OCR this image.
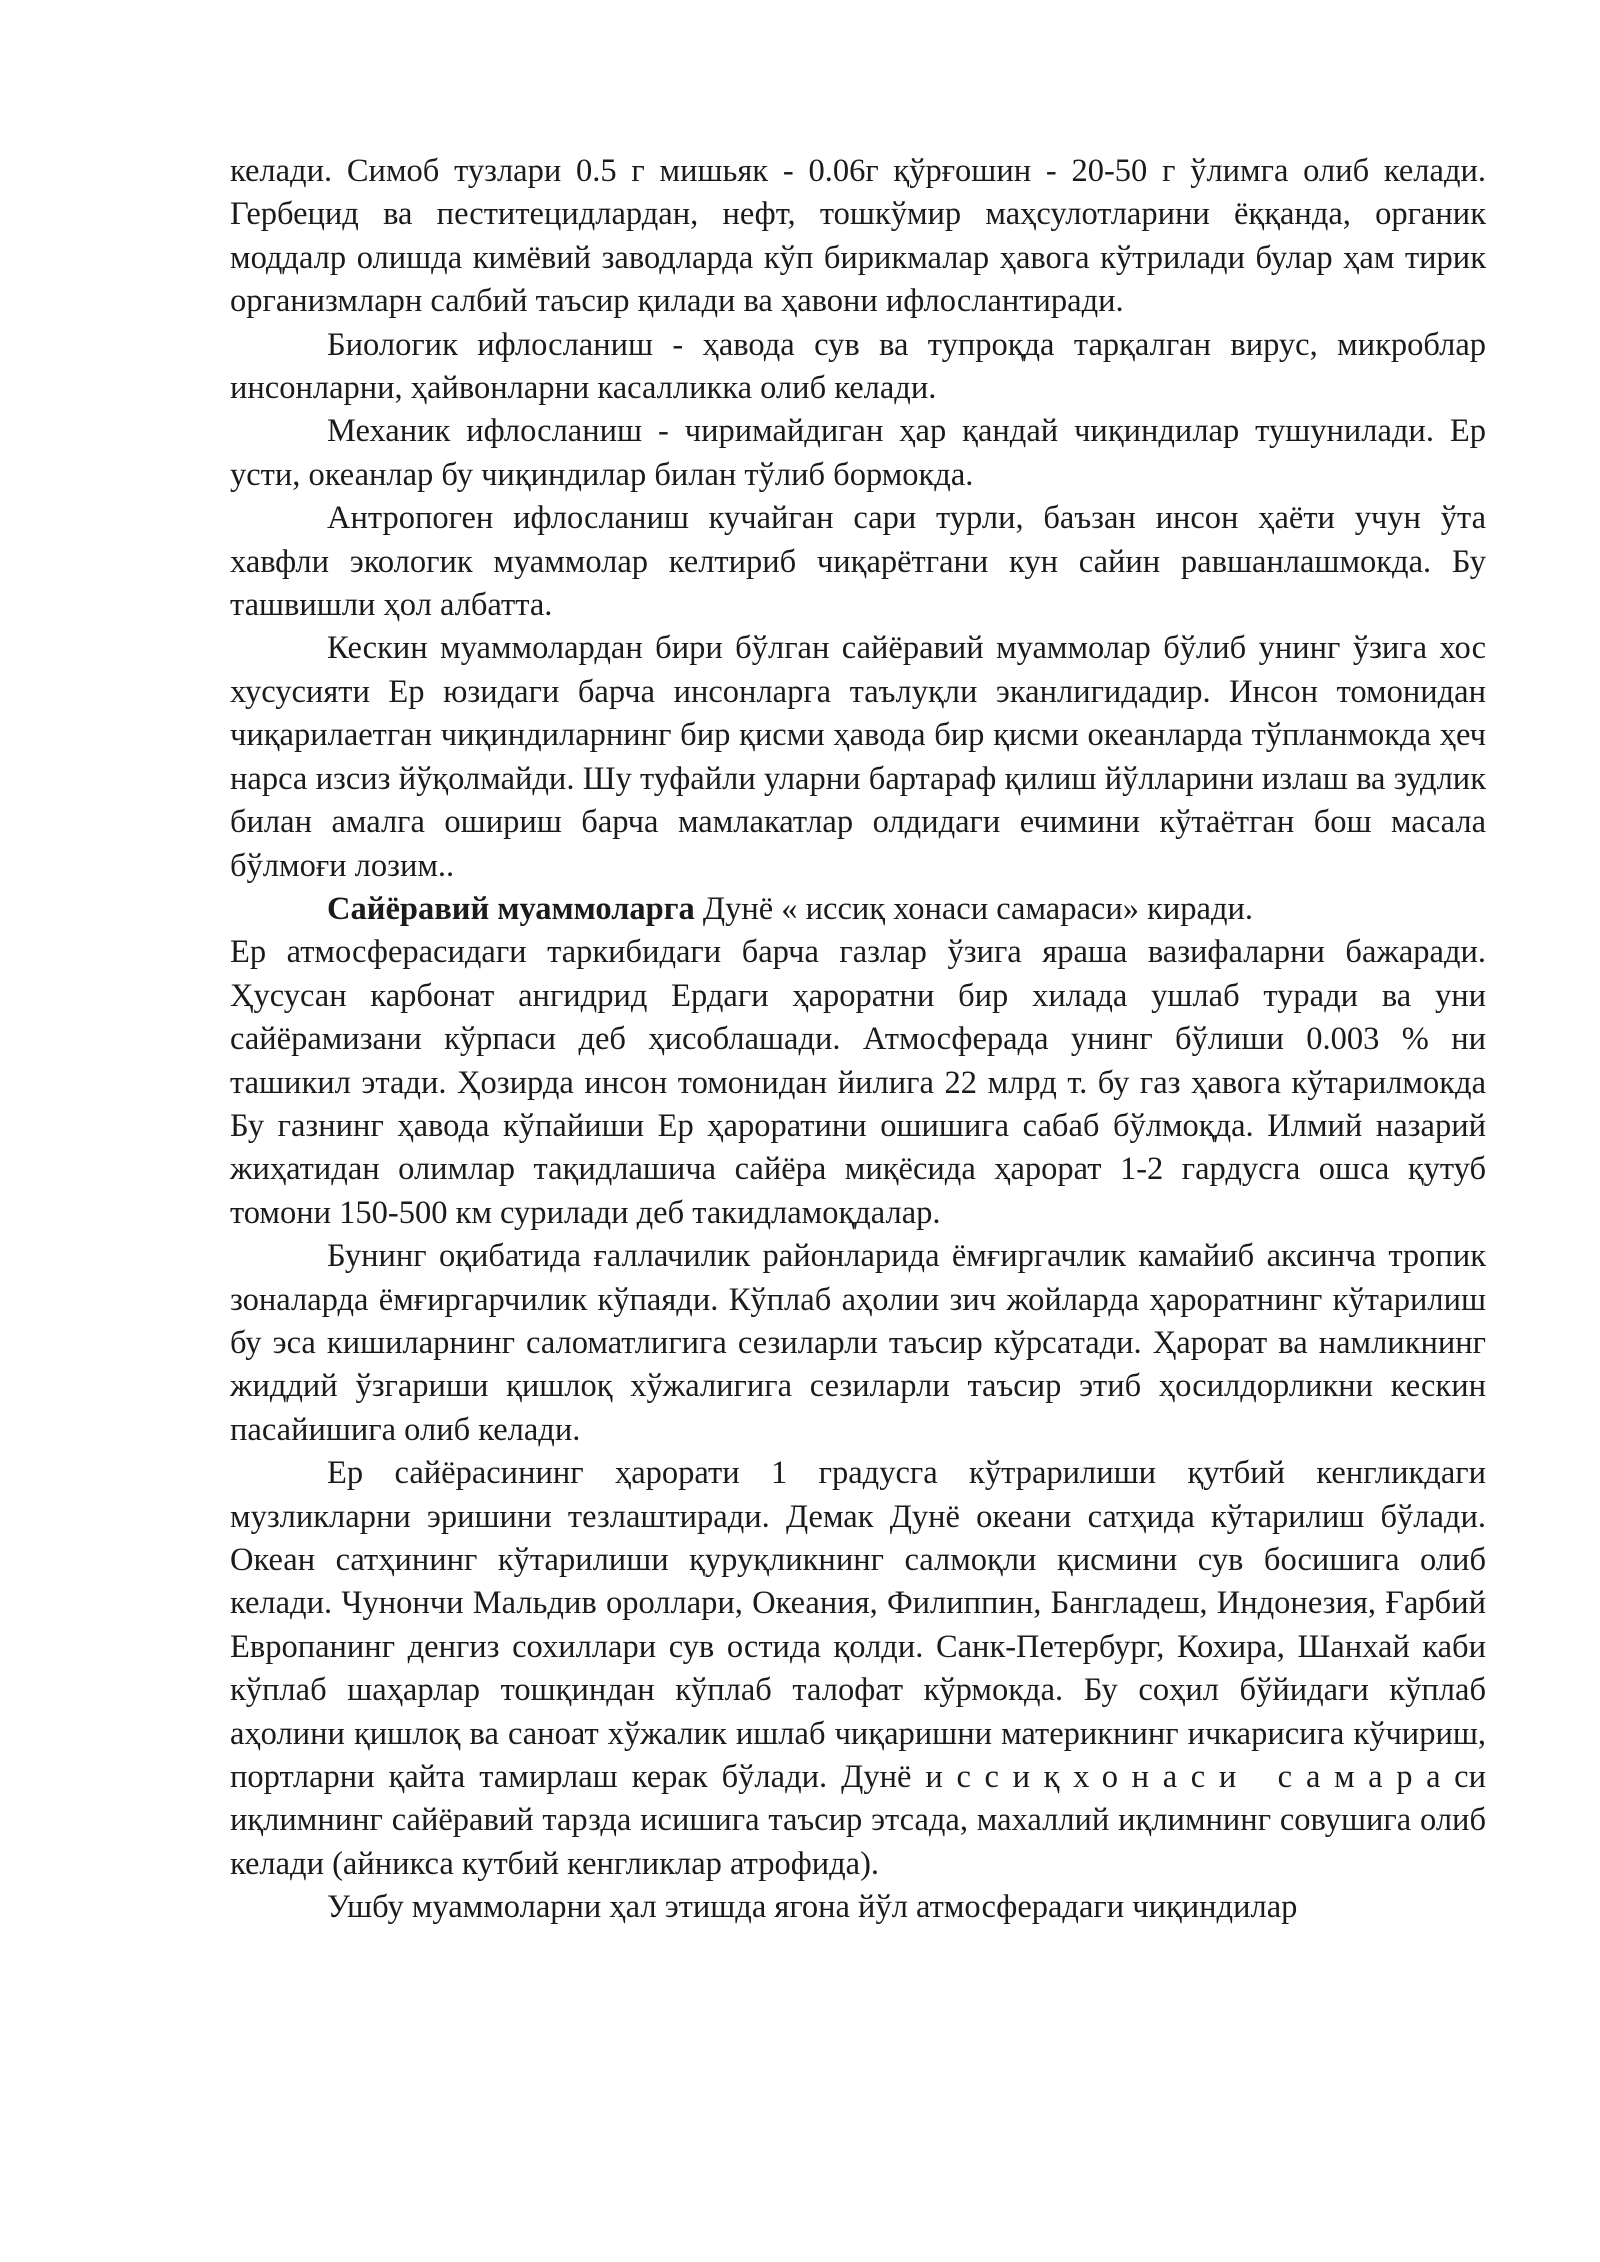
келади. Симоб тузлари 0.5 г мишьяк - 0.06г қўрғошин - 20-50 г ўлимга олиб келади. Гербецид ва пеститецидлардан, нефт, тошкўмир маҳсулотларини ёққанда, органик моддалр олишда кимёвий заводларда кўп бирикмалар ҳавога кўтрилади булар ҳам тирик организмларн салбий таъсир қилади ва ҳавони ифлослантиради.

Биологик ифлосланиш - ҳавода сув ва тупроқда тарқалган вирус, микроблар инсонларни, ҳайвонларни касалликка олиб келади.

Механик ифлосланиш - чиримайдиган ҳар қандай чиқиндилар тушунилади. Ер усти, океанлар бу чиқиндилар билан тўлиб бормокда.

Антропоген ифлосланиш кучайган сари турли, баъзан инсон ҳаёти учун ўта хавфли экологик муаммолар келтириб чиқарётгани кун сайин равшанлашмокда. Бу ташвишли ҳол албатта.

Кескин муаммолардан бири бўлган сайёравий муаммолар бўлиб унинг ўзига хос хусусияти Ер юзидаги барча инсонларга таълуқли эканлигидадир. Инсон томонидан чиқарилаетган чиқиндиларнинг бир қисми ҳавода бир қисми океанларда тўпланмокда ҳеч нарса изсиз йўқолмайди. Шу туфайли уларни бартараф қилиш йўлларини излаш ва зудлик билан амалга ошириш барча мамлакатлар олдидаги ечимини кўтаётган бош масала бўлмоғи лозим..

Сайёравий муаммоларга Дунё « иссиқ хонаси самараси» киради.

Ер атмосферасидаги таркибидаги барча газлар ўзига яраша вазифаларни бажаради. Ҳусусан карбонат ангидрид Ердаги ҳароратни бир хилада ушлаб туради ва уни сайёрамизани кўрпаси деб ҳисоблашади. Атмосферада унинг бўлиши 0.003 % ни ташикил этади. Ҳозирда инсон томонидан йилига 22 млрд т. бу газ ҳавога кўтарилмокда Бу газнинг ҳавода кўпайиши Ер ҳароратини ошишига сабаб бўлмоқда. Илмий назарий жиҳатидан олимлар тақидлашича сайёра миқёсида ҳарорат 1-2 гардусга ошса қутуб томони 150-500 км сурилади деб такидламоқдалар.

Бунинг оқибатида ғаллачилик районларида ёмғиргачлик камайиб аксинча тропик зоналарда ёмғиргарчилик кўпаяди. Кўплаб аҳолии зич жойларда ҳароратнинг кўтарилиш бу эса кишиларнинг саломатлигига сезиларли таъсир кўрсатади. Ҳарорат ва намликнинг жиддий ўзгариши қишлоқ хўжалигига сезиларли таъсир этиб ҳосилдорликни кескин пасайишига олиб келади.

Ер сайёрасининг ҳарорати 1 градусга кўтрарилиши қутбий кенгликдаги музликларни эришини тезлаштиради. Демак Дунё океани сатҳида кўтарилиш бўлади. Океан сатҳининг кўтарилиши қуруқликнинг салмоқли қисмини сув босишига олиб келади. Чунончи Мальдив ороллари, Океания, Филиппин, Бангладеш, Индонезия, Ғарбий Европанинг денгиз сохиллари сув остида қолди. Санк-Петербург, Кохира, Шанхай каби кўплаб шаҳарлар тошқиндан кўплаб талофат кўрмокда. Бу соҳил бўйидаги кўплаб аҳолини қишлоқ ва саноат хўжалик ишлаб чиқаришни материкнинг ичкарисига кўчириш, портларни қайта тамирлаш керак бўлади. Дунё иссиқхонаси самараси иқлимнинг сайёравий тарзда исишига таъсир этсада, махаллий иқлимнинг совушига олиб келади (айникса кутбий кенгликлар атрофида).

Ушбу муаммоларни ҳал этишда ягона йўл атмосферадаги чиқиндилар
